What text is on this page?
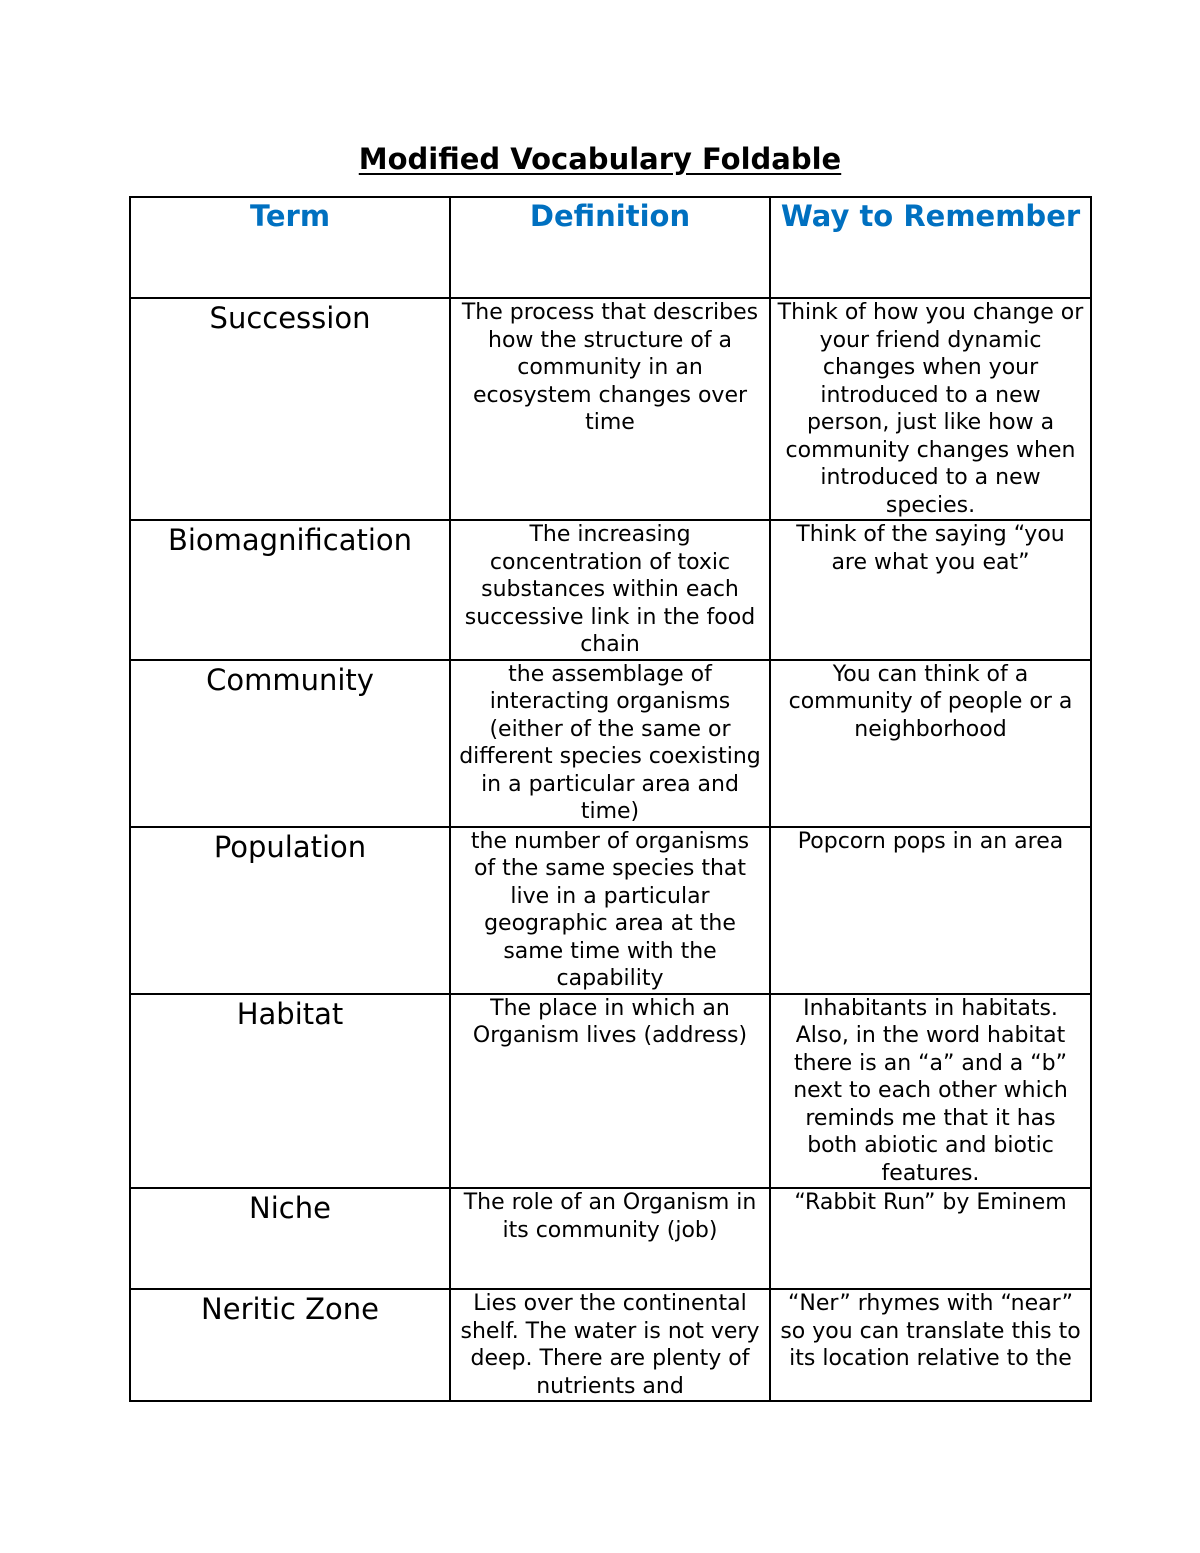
Modified Vocabulary Foldable
Term	Definition	Way to Remember
Succession	The process that describes how the structure of a community in an ecosystem changes over time	Think of how you change or your friend dynamic changes when your introduced to a new person, just like how a community changes when introduced to a new species.
Biomagnification	The increasing concentration of toxic substances within each successive link in the food chain	Think of the saying “you are what you eat”
Community	the assemblage of interacting organisms (either of the same or different species coexisting in a particular area and time)	You can think of a community of people or a neighborhood
Population	the number of organisms of the same species that live in a particular geographic area at the same time with the capability	Popcorn pops in an area
Habitat	The place in which an Organism lives (address)	Inhabitants in habitats. Also, in the word habitat there is an “a” and a “b” next to each other which reminds me that it has both abiotic and biotic features.
Niche	The role of an Organism in its community (job)	“Rabbit Run” by Eminem
Neritic Zone	Lies over the continental shelf. The water is not very deep. There are plenty of nutrients and	“Ner” rhymes with “near” so you can translate this to its location relative to the
